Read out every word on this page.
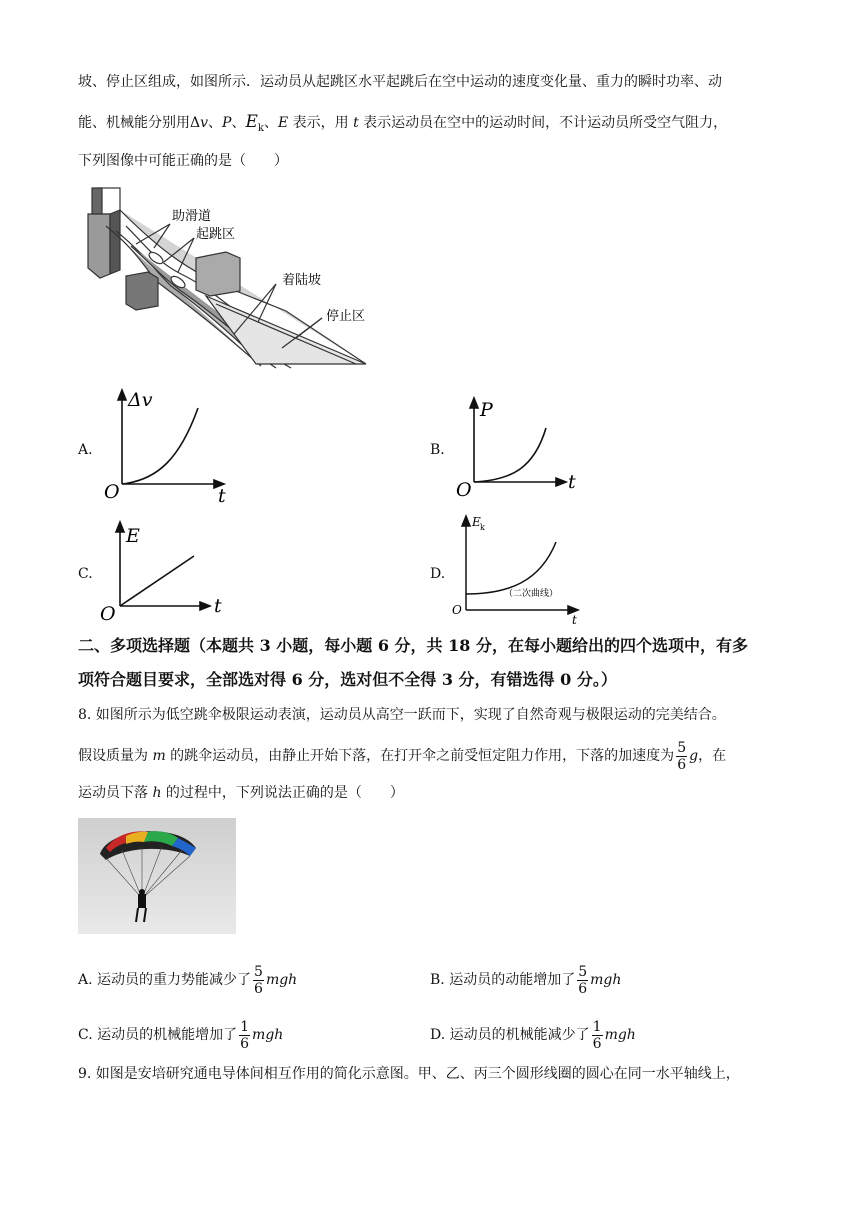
坡、停止区组成，如图所示．运动员从起跳区水平起跳后在空中运动的速度变化量、重力的瞬时功率、动
能、机械能分别用Δv、P、$E_k$、E 表示，用 t 表示运动员在空中的运动时间，不计运动员所受空气阻力，
下列图像中可能正确的是（　　）
助滑道
起跳区
着陆坡
停止区
A.
Δv
O	t
B.
P
O	t
C.
E
O	t
D.
E k
O
t
（二次曲线）
二、多项选择题（本题共 3 小题，每小题 6 分，共 18 分，在每小题给出的四个选项中，有多
项符合题目要求，全部选对得 6 分，选对但不全得 3 分，有错选得 0 分。）
8. 如图所示为低空跳伞极限运动表演，运动员从高空一跃而下，实现了自然奇观与极限运动的完美结合。
假设质量为 m 的跳伞运动员，由静止开始下落，在打开伞之前受恒定阻力作用，下落的加速度为 $\frac{5}{6}$ g，在
运动员下落 h 的过程中，下列说法正确的是（　　）
A. 运动员的重力势能减少了 $\frac{5}{6}$ mgh	B. 运动员的动能增加了 $\frac{5}{6}$ mgh
C. 运动员的机械能增加了 $\frac{1}{6}$ mgh	D. 运动员的机械能减少了 $\frac{1}{6}$ mgh
9. 如图是安培研究通电导体间相互作用的简化示意图。甲、乙、丙三个圆形线圈的圆心在同一水平轴线上，
